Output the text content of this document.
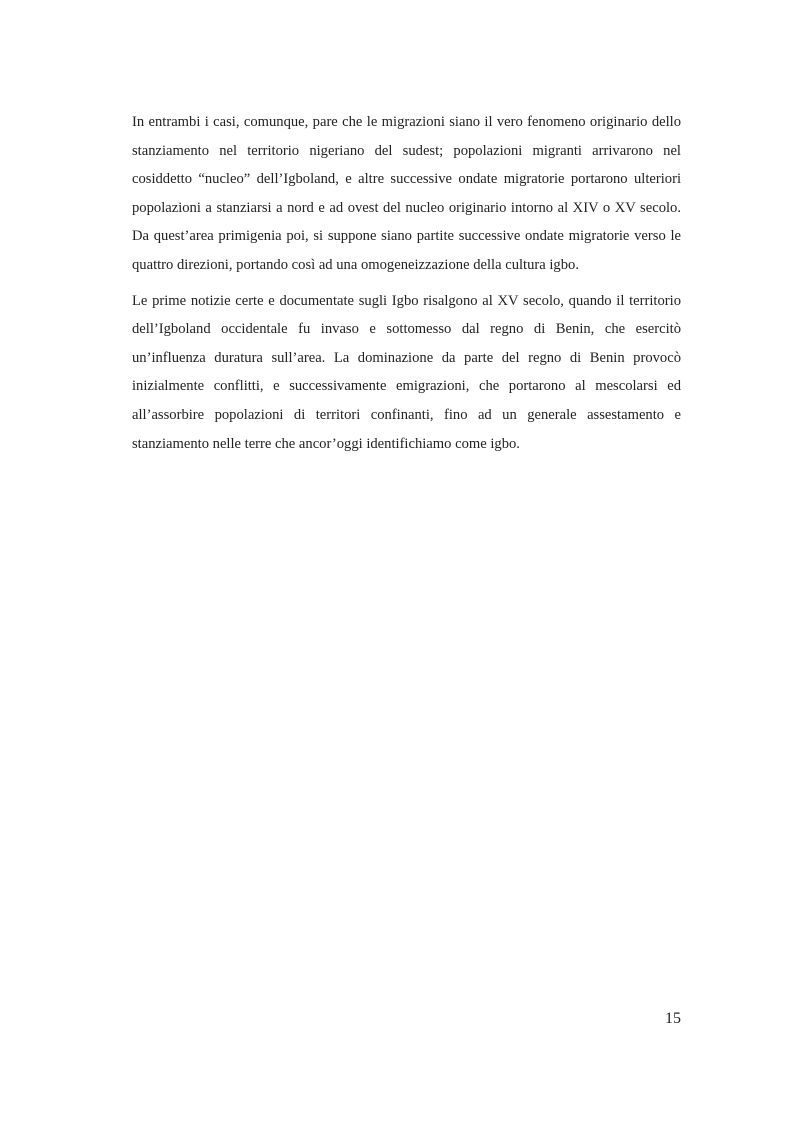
In entrambi i casi, comunque, pare che le migrazioni siano il vero fenomeno originario dello stanziamento nel territorio nigeriano del sudest; popolazioni migranti arrivarono nel cosiddetto “nucleo” dell’Igboland, e altre successive ondate migratorie portarono ulteriori popolazioni a stanziarsi a nord e ad ovest del nucleo originario intorno al XIV o XV secolo. Da quest’area primigenia poi, si suppone siano partite successive ondate migratorie verso le quattro direzioni, portando così ad una omogeneizzazione della cultura igbo.

Le prime notizie certe e documentate sugli Igbo risalgono al XV secolo, quando il territorio dell’Igboland occidentale fu invaso e sottomesso dal regno di Benin, che esercitò un’influenza duratura sull’area. La dominazione da parte del regno di Benin provocò inizialmente conflitti, e successivamente emigrazioni, che portarono al mescolarsi ed all’assorbire popolazioni di territori confinanti, fino ad un generale assestamento e stanziamento nelle terre che ancor’oggi identifichiamo come igbo.

15
